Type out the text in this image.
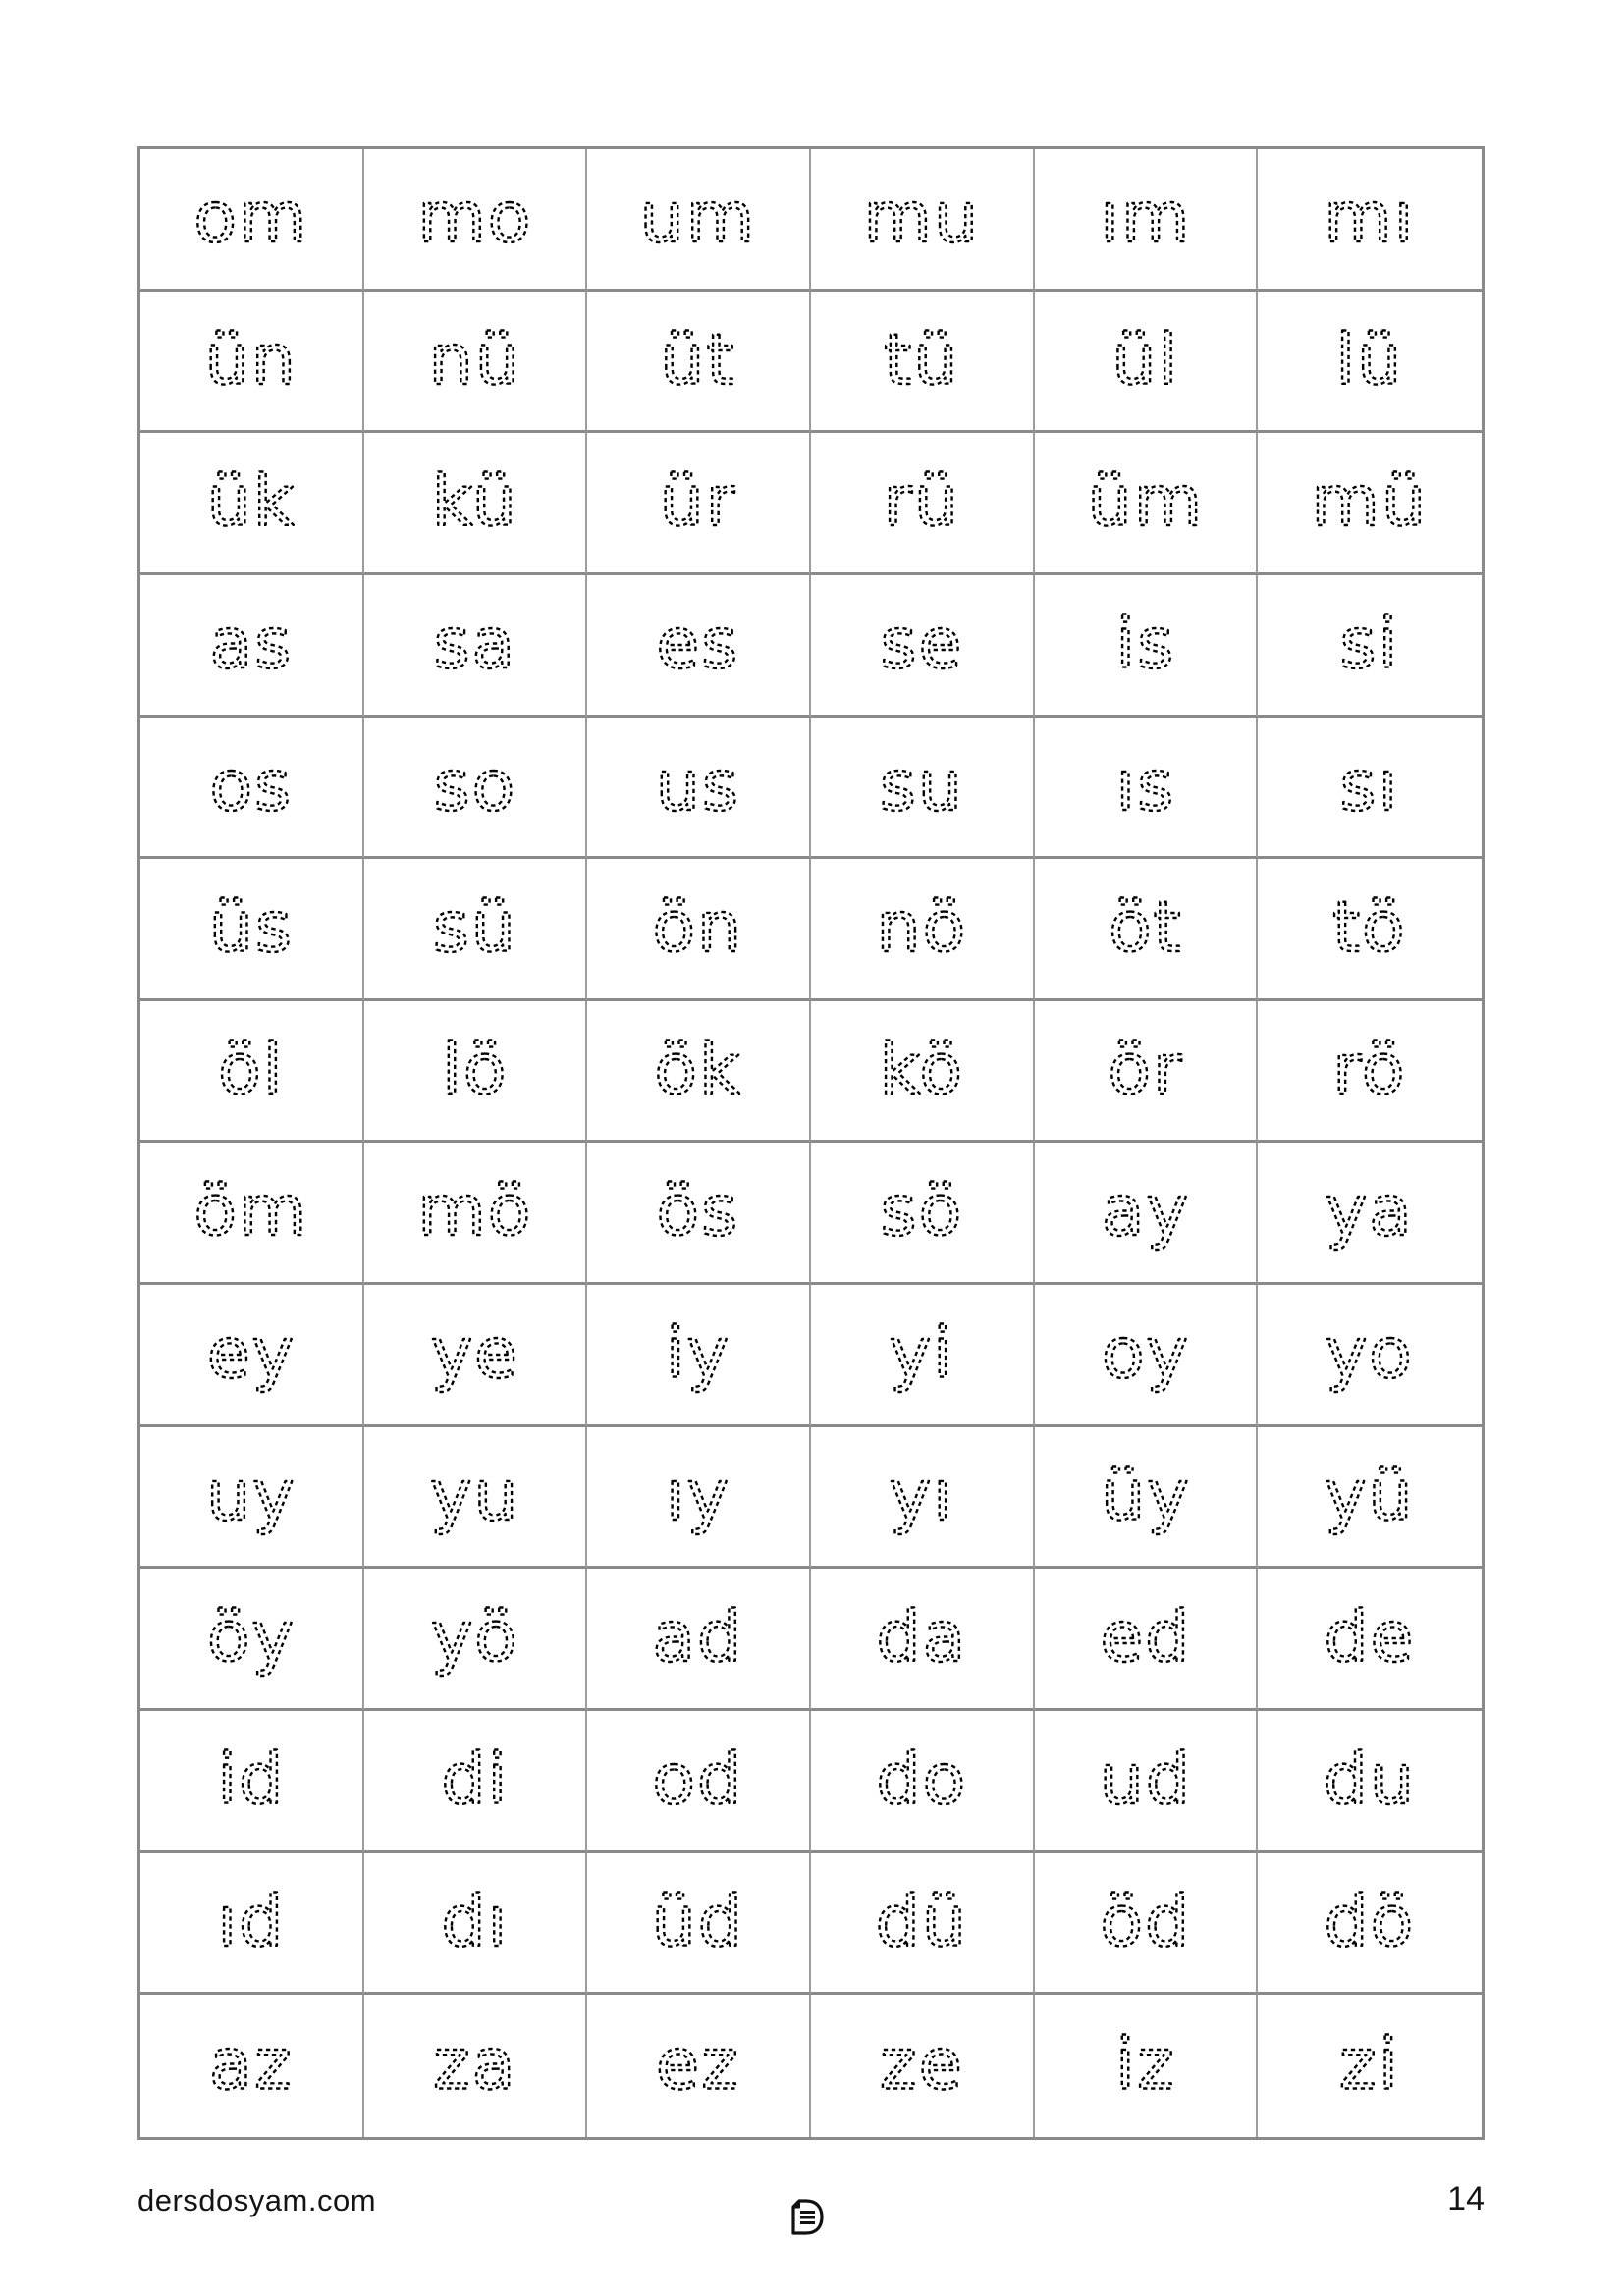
om mo um mu ım mı
ün nü üt tü ül lü
ük kü ür rü üm mü
as sa es se is si
os so us su ıs sı
üs sü ön nö öt tö
öl lö ök kö ör rö
öm mö ös sö ay ya
ey ye iy yi oy yo
uy yu ıy yı üy yü
öy yö ad da ed de
id di od do ud du
ıd dı üd dü öd dö
az za ez ze iz zi
dersdosyam.com	14
